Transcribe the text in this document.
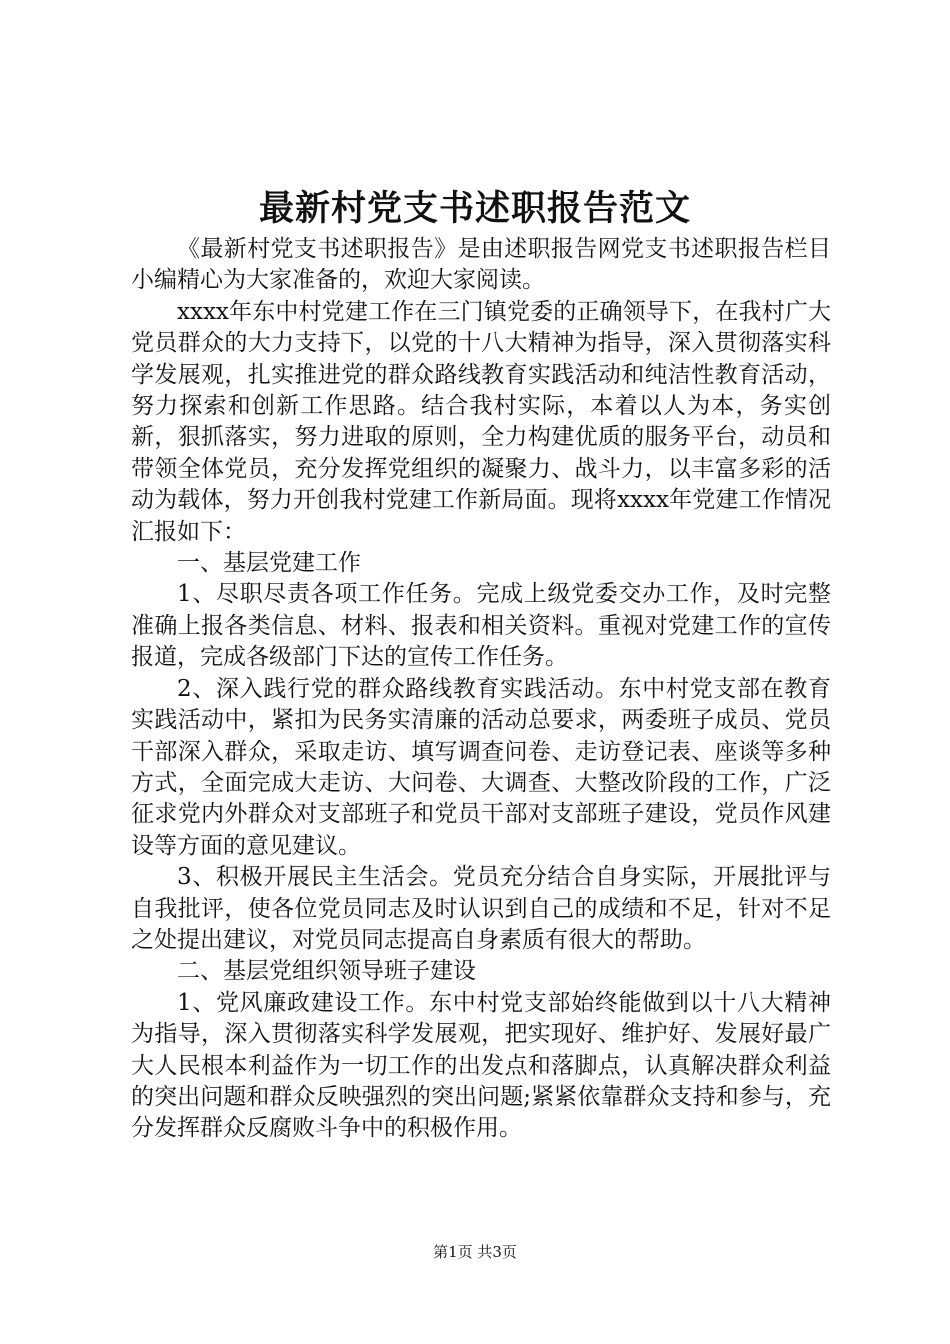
最新村党支书述职报告范文

《最新村党支书述职报告》是由述职报告网党支书述职报告栏目小编精心为大家准备的，欢迎大家阅读。

xxxx年东中村党建工作在三门镇党委的正确领导下，在我村广大党员群众的大力支持下，以党的十八大精神为指导，深入贯彻落实科学发展观，扎实推进党的群众路线教育实践活动和纯洁性教育活动，努力探索和创新工作思路。结合我村实际，本着以人为本，务实创新，狠抓落实，努力进取的原则，全力构建优质的服务平台，动员和带领全体党员，充分发挥党组织的凝聚力、战斗力，以丰富多彩的活动为载体，努力开创我村党建工作新局面。现将xxxx年党建工作情况汇报如下：

一、基层党建工作

1、尽职尽责各项工作任务。完成上级党委交办工作，及时完整准确上报各类信息、材料、报表和相关资料。重视对党建工作的宣传报道，完成各级部门下达的宣传工作任务。

2、深入践行党的群众路线教育实践活动。东中村党支部在教育实践活动中，紧扣为民务实清廉的活动总要求，两委班子成员、党员干部深入群众，采取走访、填写调查问卷、走访登记表、座谈等多种方式，全面完成大走访、大问卷、大调查、大整改阶段的工作，广泛征求党内外群众对支部班子和党员干部对支部班子建设，党员作风建设等方面的意见建议。

3、积极开展民主生活会。党员充分结合自身实际，开展批评与自我批评，使各位党员同志及时认识到自己的成绩和不足，针对不足之处提出建议，对党员同志提高自身素质有很大的帮助。

二、基层党组织领导班子建设

1、党风廉政建设工作。东中村党支部始终能做到以十八大精神为指导，深入贯彻落实科学发展观，把实现好、维护好、发展好最广大人民根本利益作为一切工作的出发点和落脚点，认真解决群众利益的突出问题和群众反映强烈的突出问题;紧紧依靠群众支持和参与，充分发挥群众反腐败斗争中的积极作用。

第1页 共3页
